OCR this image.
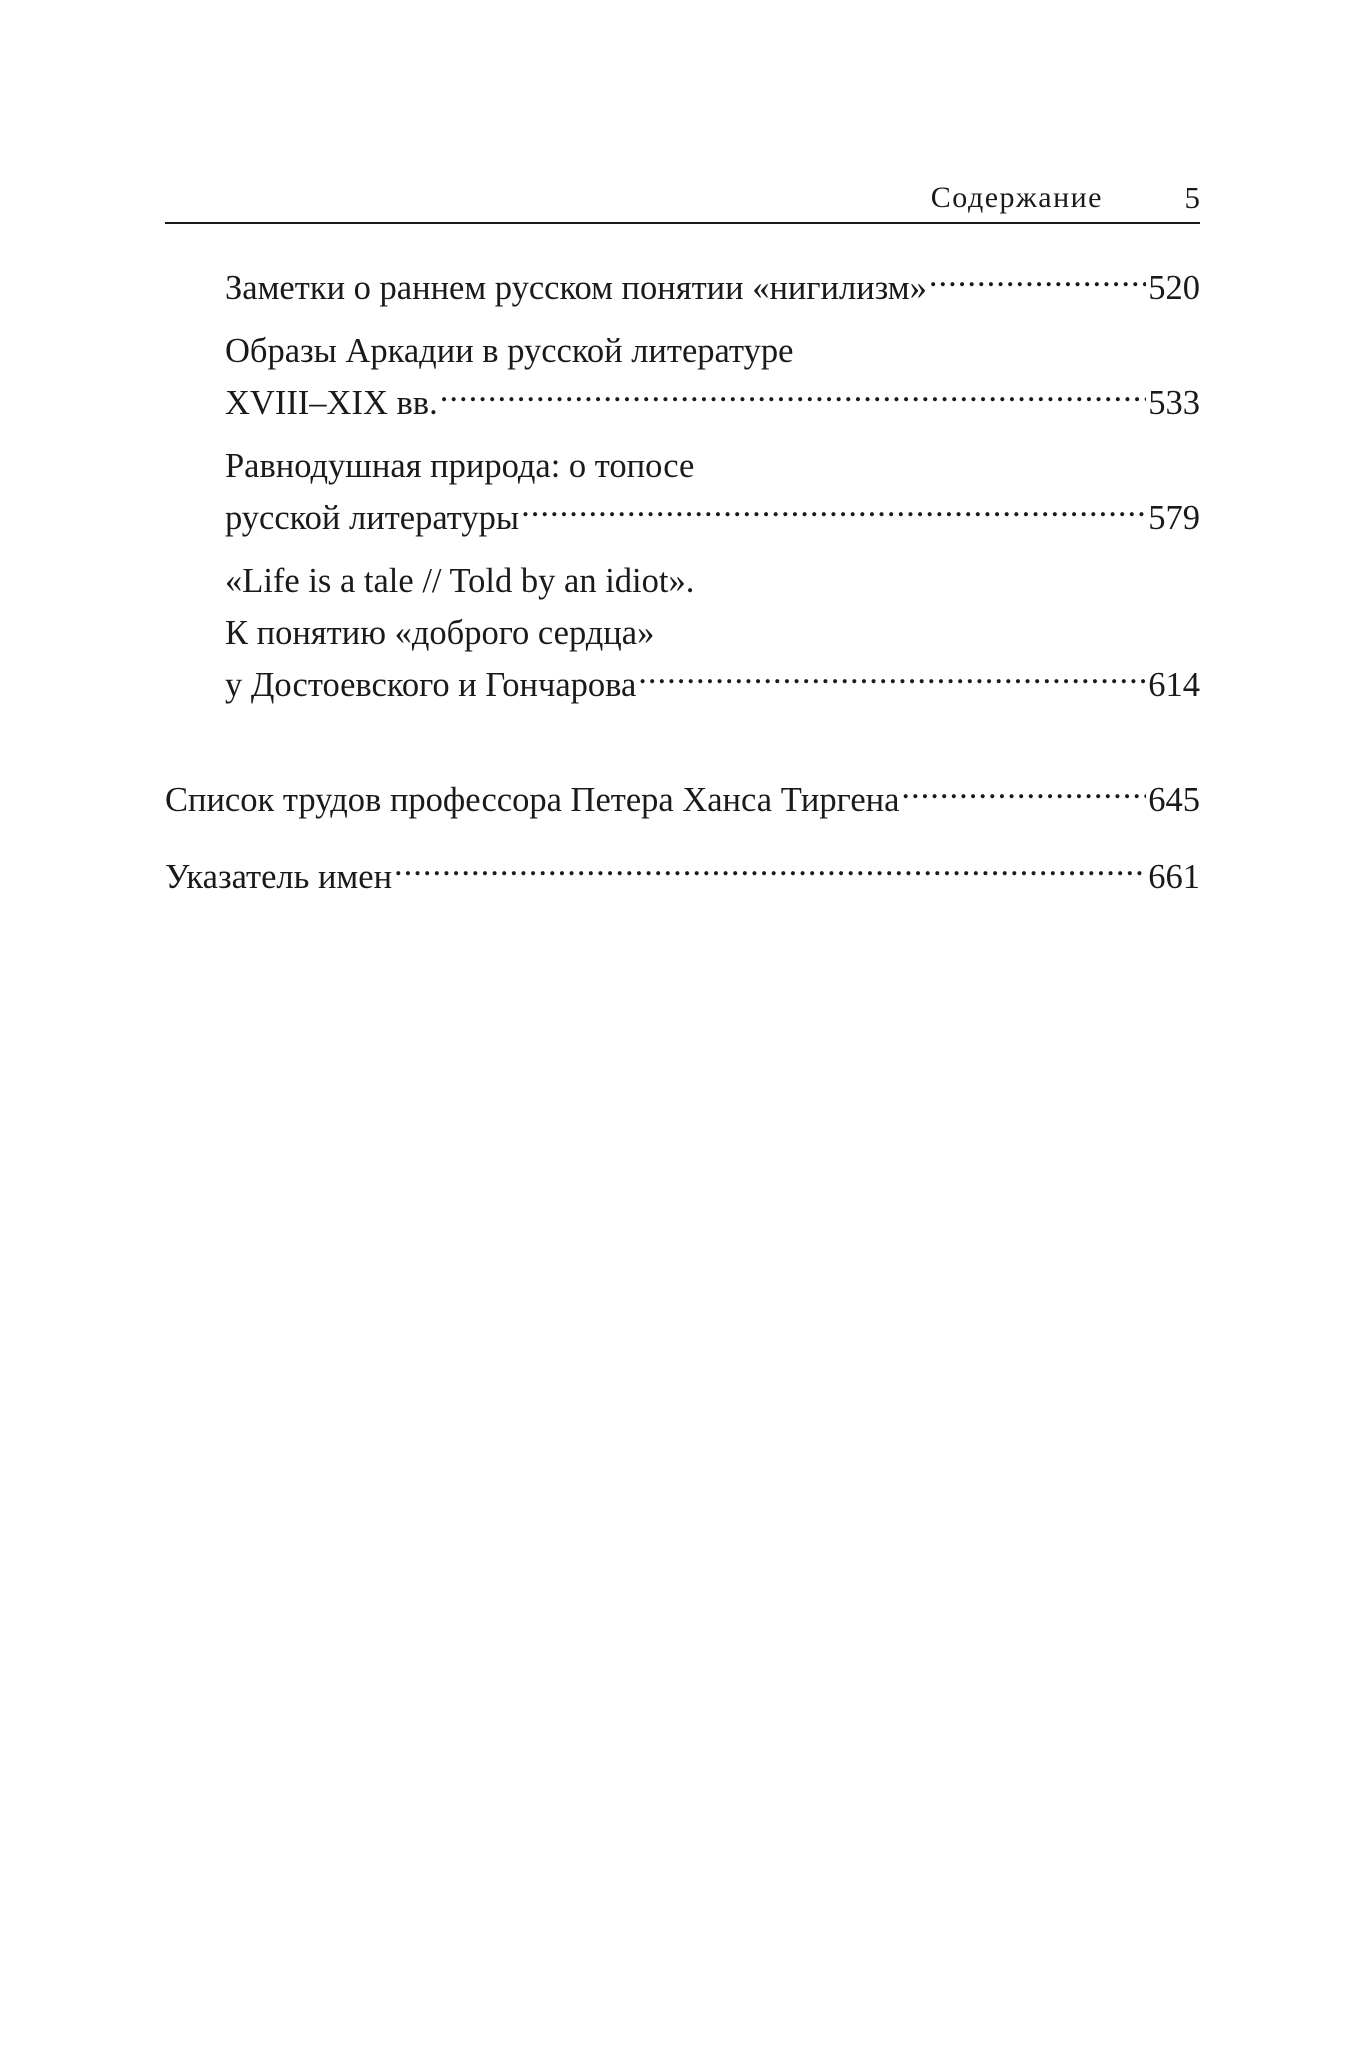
Содержание	5
Заметки о раннем русском понятии «нигилизм» .....	520
Образы Аркадии в русской литературе
XVIII–XIX вв. .....	533
Равнодушная природа: о топосе
русской литературы .....	579
«Life is a tale // Told by an idiot».
К понятию «доброго сердца»
у Достоевского и Гончарова .....	614
Список трудов профессора Петера Ханса Тиргена .....	645
Указатель имен .....	661
